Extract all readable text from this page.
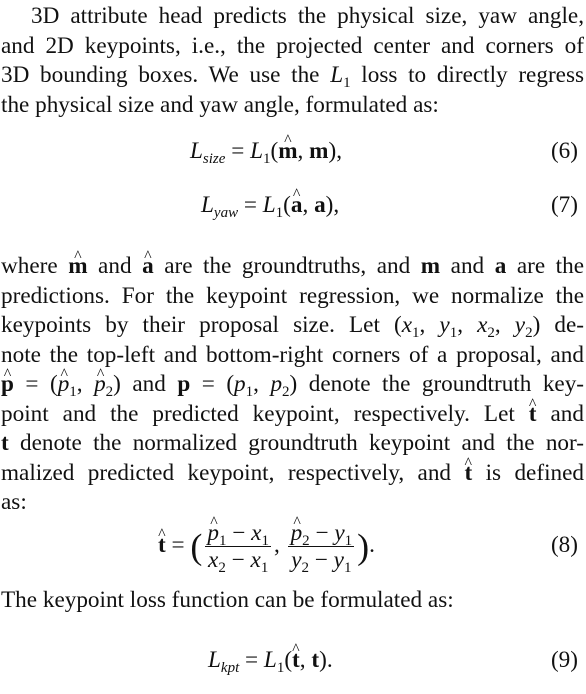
3D attribute head predicts the physical size, yaw angle,
and 2D keypoints, i.e., the projected center and corners of
3D bounding boxes. We use the $L_1$ loss to directly regress
the physical size and yaw angle, formulated as:

$L_{size}$ = $L_1(\^{}$ m, m),	(6)
$L_{yaw}$ = $L_1(\^{}$ a, a),	(7)

where ^ m and ^ a are the groundtruths, and m and a are the
predictions. For the keypoint regression, we normalize the
keypoints by their proposal size. Let ($x_1$, $y_1$, $x_2$, $y_2$) de-
note the top-left and bottom-right corners of a proposal, and
^ p = (^ $p_1$, ^ $p_2$) and $p = (p_1$, $p_2$) denote the groundtruth key-
point and the predicted keypoint, respectively. Let ^ t and
t denote the normalized groundtruth keypoint and the nor-
malized predicted keypoint, respectively, and ^ t is defined
as:

^ t = ( ^ $\frac{p_1 - x_1}{x_2 - x_1}$ , ^ $\frac{p_2 - y_1}{y_2 - y_1}$ ).	(8)

The keypoint loss function can be formulated as:

$L_{kpt}$ = $L_1(\^{}$ t, t).	(9)
